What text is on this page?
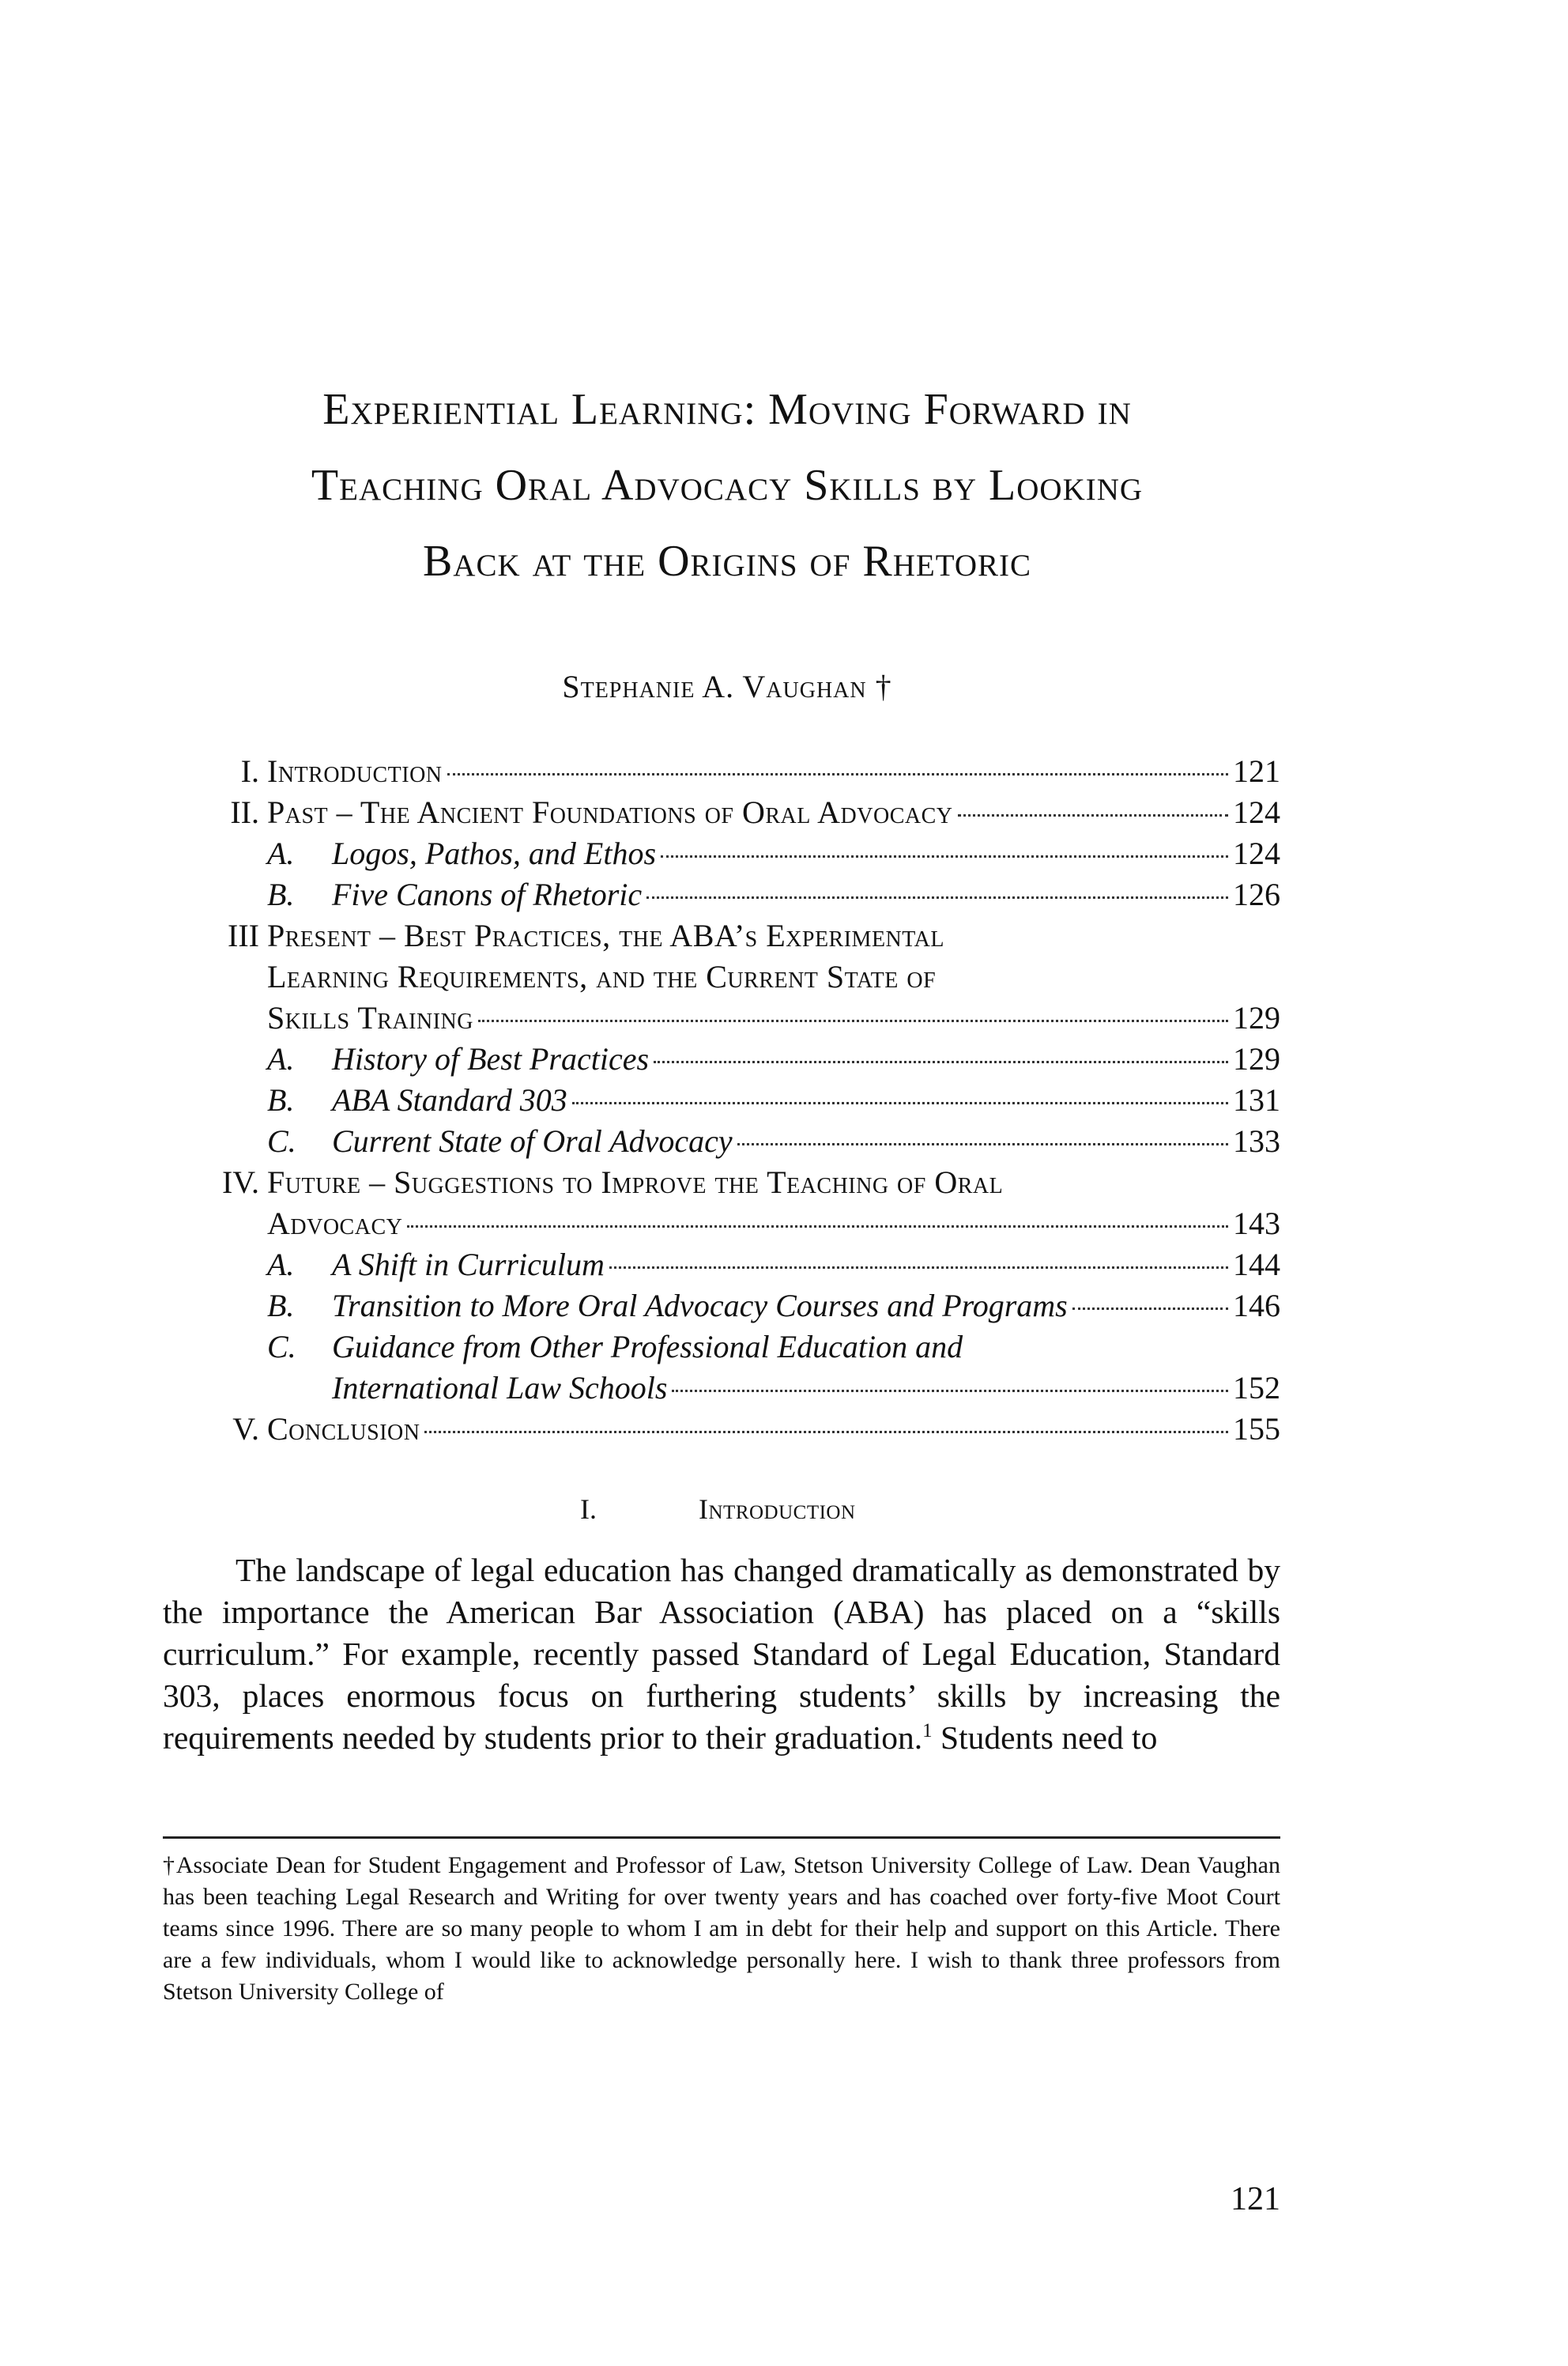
Experiential Learning: Moving Forward in
Teaching Oral Advocacy Skills by Looking
Back at the Origins of Rhetoric
Stephanie A. Vaughan †
I. Introduction	121
II. Past – The Ancient Foundations of Oral Advocacy	124
A. Logos, Pathos, and Ethos	124
B. Five Canons of Rhetoric	126
III Present – Best Practices, the ABA’s Experimental
Learning Requirements, and the Current State of
Skills Training	129
A. History of Best Practices	129
B. ABA Standard 303	131
C. Current State of Oral Advocacy	133
IV. Future – Suggestions to Improve the Teaching of Oral
Advocacy	143
A. A Shift in Curriculum	144
B. Transition to More Oral Advocacy Courses and Programs	146
C. Guidance from Other Professional Education and
International Law Schools	152
V. Conclusion	155
I.	Introduction

The landscape of legal education has changed dramatically as demonstrated by the importance the American Bar Association (ABA) has placed on a “skills curriculum.” For example, recently passed Standard of Legal Education, Standard 303, places enormous focus on furthering students’ skills by increasing the requirements needed by students prior to their graduation.$^1$ Students need to

†Associate Dean for Student Engagement and Professor of Law, Stetson University College of Law. Dean Vaughan has been teaching Legal Research and Writing for over twenty years and has coached over forty-five Moot Court teams since 1996. There are so many people to whom I am in debt for their help and support on this Article. There are a few individuals, whom I would like to acknowledge personally here. I wish to thank three professors from Stetson University College of
121
